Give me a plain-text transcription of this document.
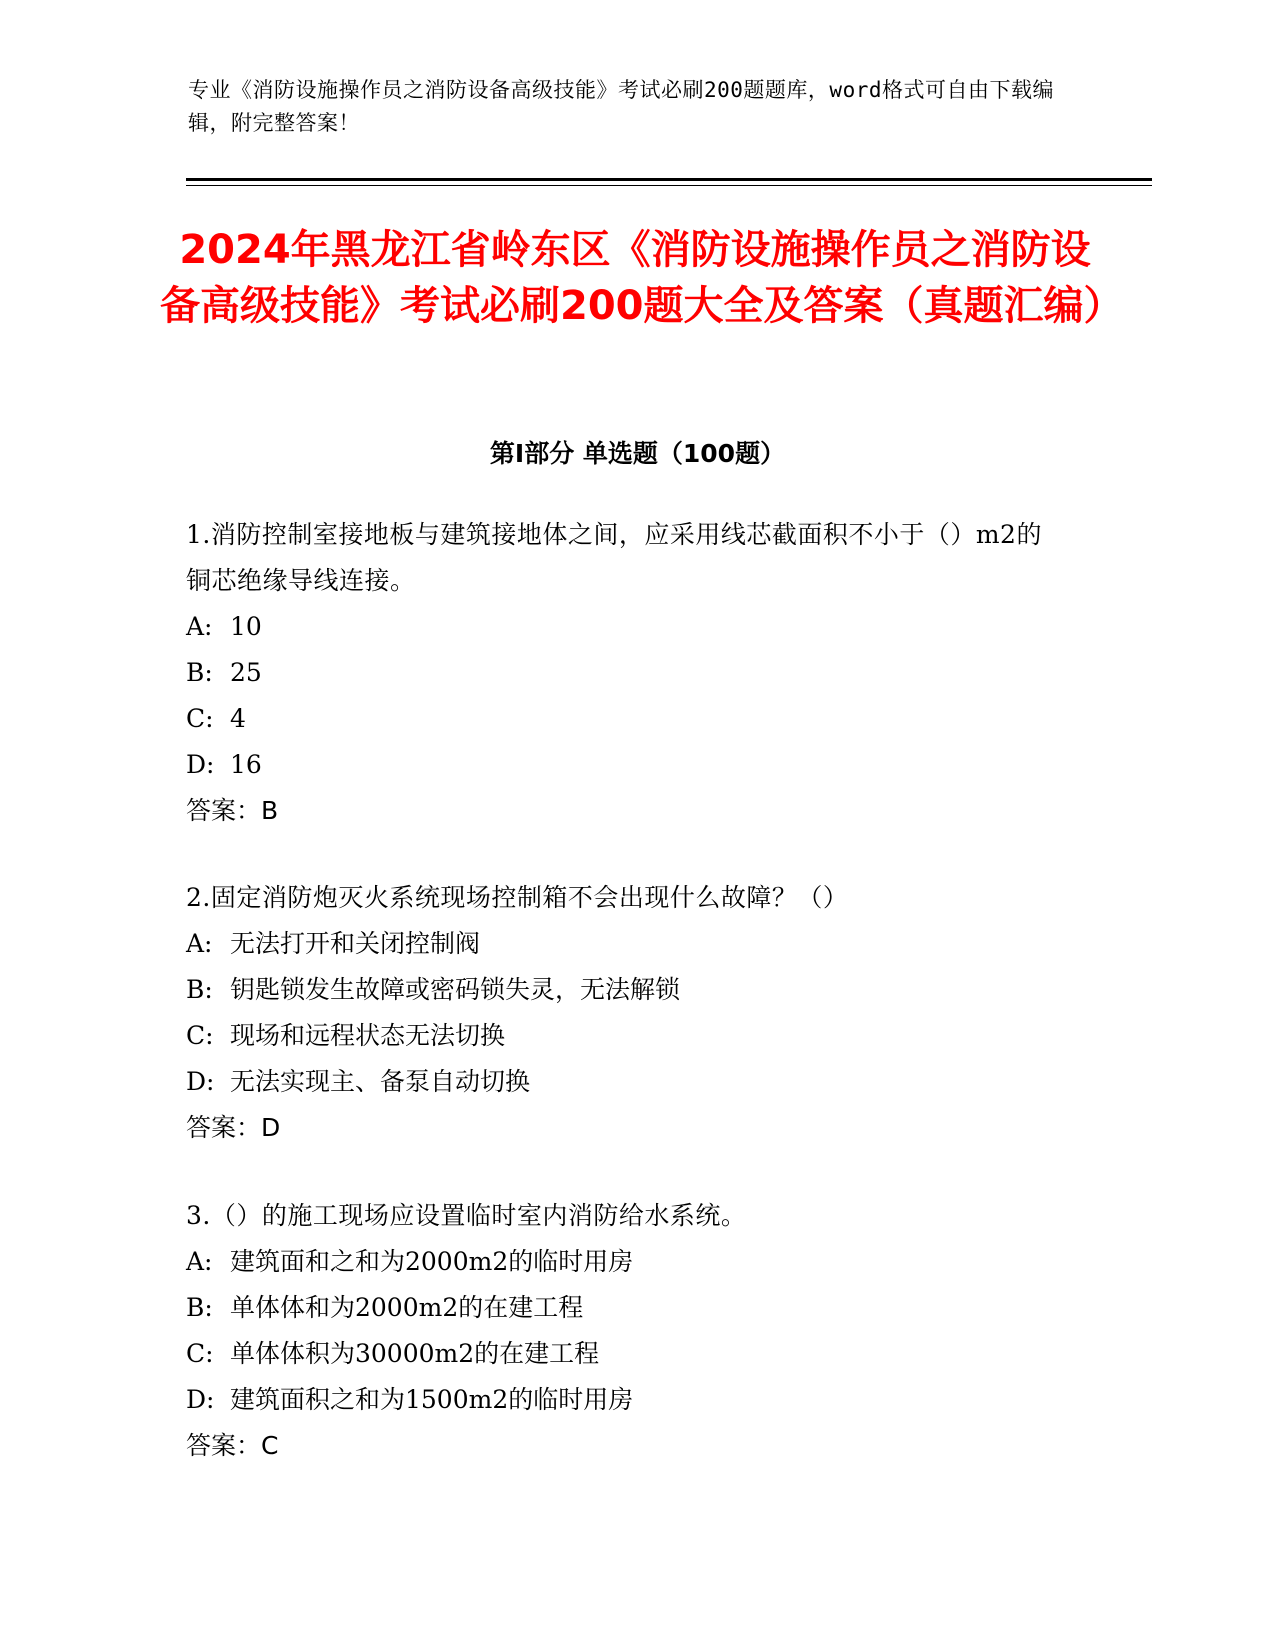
专业《消防设施操作员之消防设备高级技能》考试必刷200题题库，word格式可自由下载编辑，附完整答案！
2024年黑龙江省岭东区《消防设施操作员之消防设备高级技能》考试必刷200题大全及答案（真题汇编）
第Ⅰ部分 单选题（100题）

1.消防控制室接地板与建筑接地体之间，应采用线芯截面积不小于（）m2的铜芯绝缘导线连接。

A: 10

B: 25

C: 4

D: 16

答案：B

2.固定消防炮灭火系统现场控制箱不会出现什么故障？（）

A: 无法打开和关闭控制阀

B: 钥匙锁发生故障或密码锁失灵，无法解锁

C: 现场和远程状态无法切换

D: 无法实现主、备泵自动切换

答案：D

3.（）的施工现场应设置临时室内消防给水系统。

A: 建筑面和之和为2000m2的临时用房

B: 单体体和为2000m2的在建工程

C: 单体体积为30000m2的在建工程

D: 建筑面积之和为1500m2的临时用房

答案：C
